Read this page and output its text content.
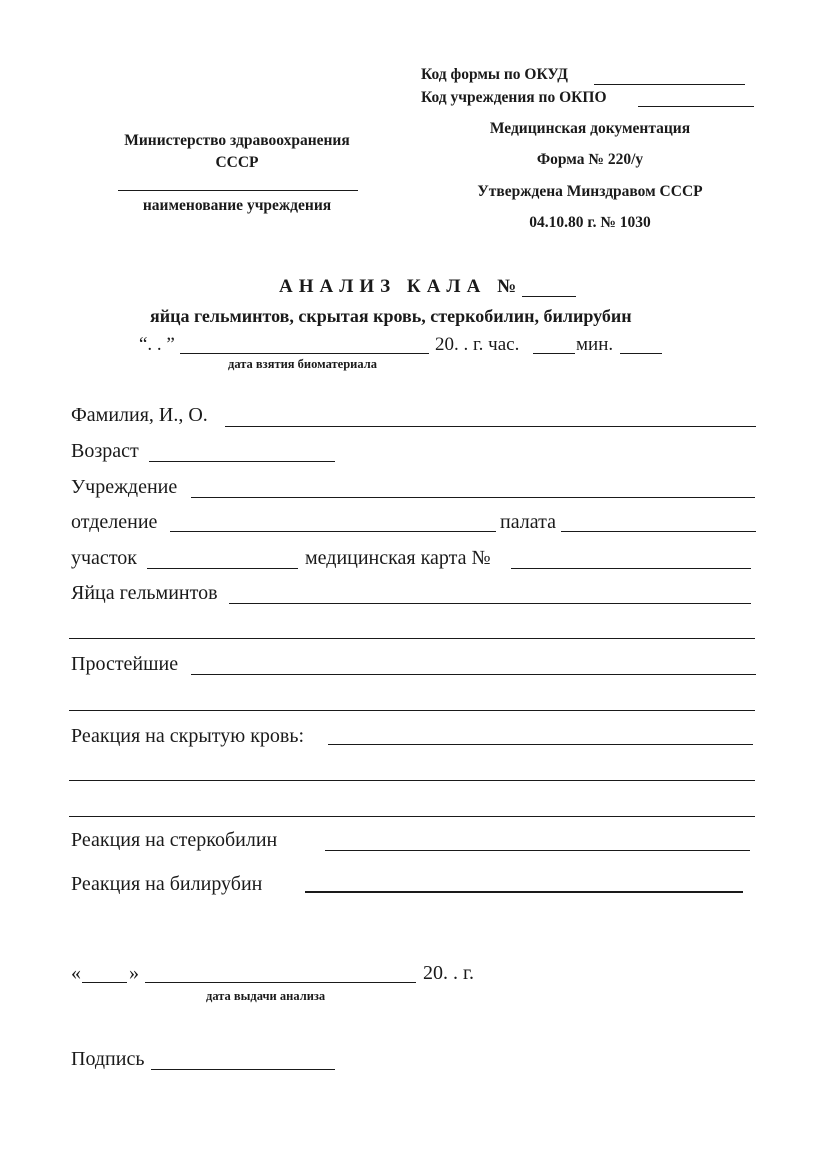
Код формы по ОКУД
Код учреждения по ОКПО
Медицинская документация
Форма № 220/у
Утверждена Минздравом СССР
04.10.80 г. № 1030
Министерство здравоохранения
СССР
наименование учреждения
АНАЛИЗ КАЛА №
яйца гельминтов, скрытая кровь, стеркобилин, билирубин
“. . ”	20. . г. час.	мин.
дата взятия биоматериала
Фамилия, И., О.
Возраст
Учреждение
отделение	палата
участок	медицинская карта №
Яйца гельминтов
Простейшие
Реакция на скрытую кровь:
Реакция на стеркобилин
Реакция на билирубин
« »	20. . г.
дата выдачи анализа
Подпись
